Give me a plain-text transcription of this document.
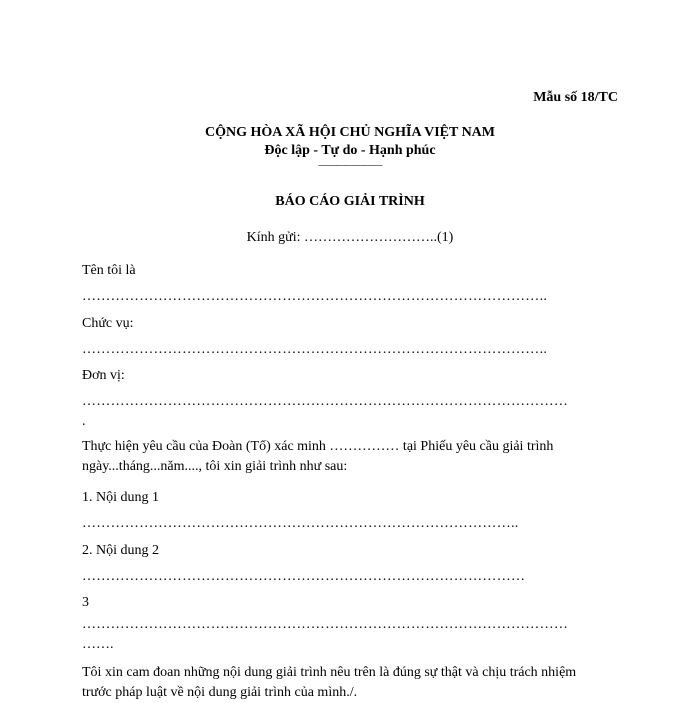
Mẫu số 18/TC
CỘNG HÒA XÃ HỘI CHỦ NGHĨA VIỆT NAM
Độc lập - Tự do - Hạnh phúc
———————
BÁO CÁO GIẢI TRÌNH
Kính gửi: ………………………..(1)
Tên tôi là
……………………………………………………………………………………..
Chức vụ:
……………………………………………………………………………………..
Đơn vị:
…………………………………………………………………………………………
.
Thực hiện yêu cầu của Đoàn (Tổ) xác minh …………… tại Phiếu yêu cầu giải trình
ngày...tháng...năm...., tôi xin giải trình như sau:
1. Nội dung 1
………………………………………………………………………………..
2. Nội dung 2
…………………………………………………………………………………
3
…………………………………………………………………………………………
…….
Tôi xin cam đoan những nội dung giải trình nêu trên là đúng sự thật và chịu trách nhiệm
trước pháp luật về nội dung giải trình của mình./.
